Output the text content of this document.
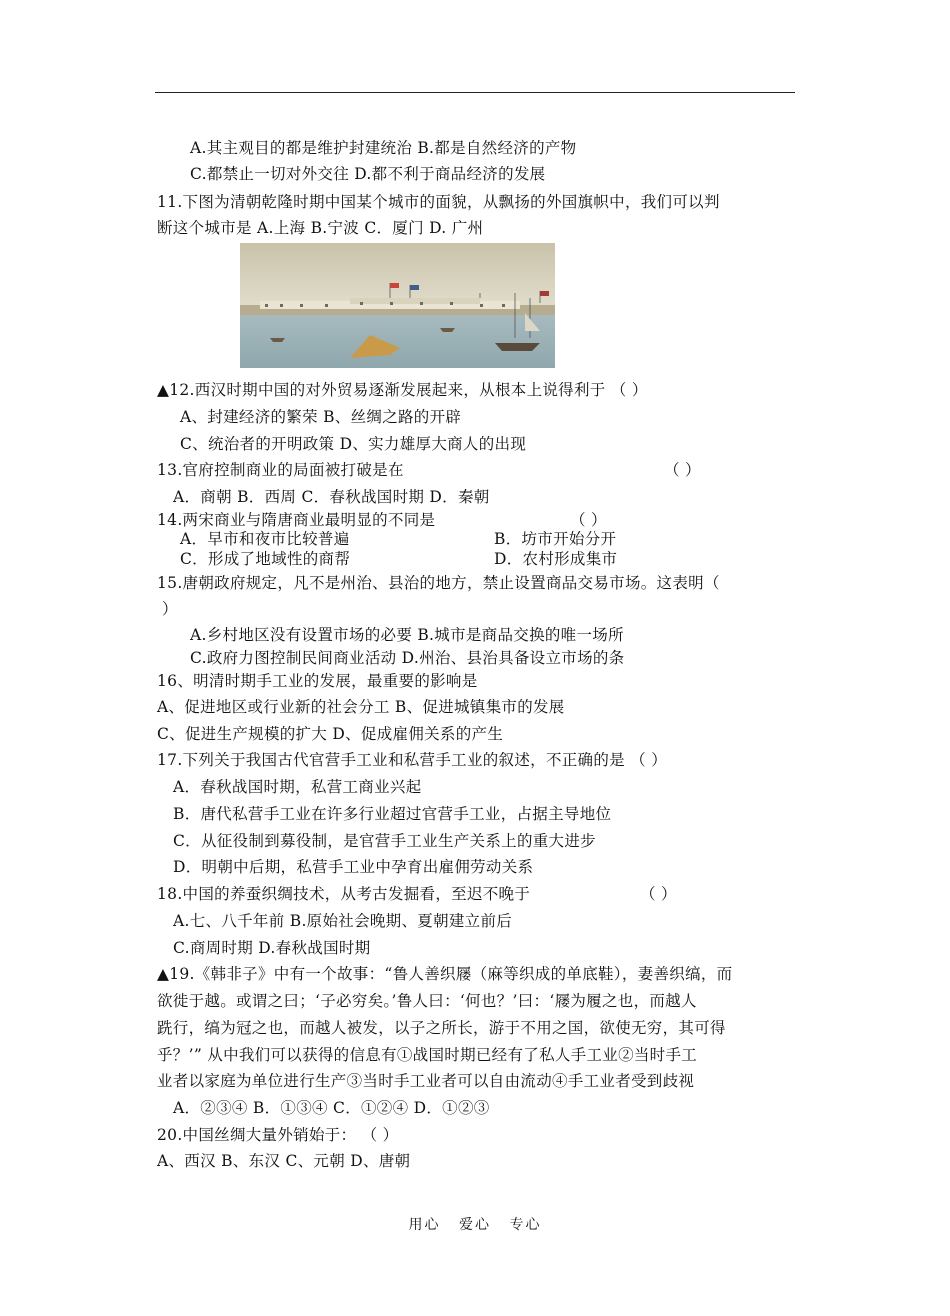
A.其主观目的都是维护封建统治 B.都是自然经济的产物
C.都禁止一切对外交往 D.都不利于商品经济的发展
11.下图为清朝乾隆时期中国某个城市的面貌，从飘扬的外国旗帜中，我们可以判
断这个城市是 A.上海 B.宁波 C．厦门 D. 广州
▲12.西汉时期中国的对外贸易逐渐发展起来，从根本上说得利于 （ ）
A、封建经济的繁荣 B、丝绸之路的开辟
C、统治者的开明政策 D、实力雄厚大商人的出现
13.官府控制商业的局面被打破是在	（ ）
A．商朝 B．西周 C．春秋战国时期 D．秦朝
14.两宋商业与隋唐商业最明显的不同是	（ ）
A．早市和夜市比较普遍	B．坊市开始分开
C．形成了地域性的商帮	D．农村形成集市
15.唐朝政府规定，凡不是州治、县治的地方，禁止设置商品交易市场。这表明（
）
A.乡村地区没有设置市场的必要 B.城市是商品交换的唯一场所
C.政府力图控制民间商业活动 D.州治、县治具备设立市场的条
16、明清时期手工业的发展，最重要的影响是
A、促进地区或行业新的社会分工 B、促进城镇集市的发展
C、促进生产规模的扩大 D、促成雇佣关系的产生
17.下列关于我国古代官营手工业和私营手工业的叙述，不正确的是 （ ）
A．春秋战国时期，私营工商业兴起
B．唐代私营手工业在许多行业超过官营手工业，占据主导地位
C．从征役制到募役制，是官营手工业生产关系上的重大进步
D．明朝中后期，私营手工业中孕育出雇佣劳动关系
18.中国的养蚕织绸技术，从考古发掘看，至迟不晚于	（ ）
A.七、八千年前 B.原始社会晚期、夏朝建立前后
C.商周时期 D.春秋战国时期
▲19.《韩非子》中有一个故事：“鲁人善织屦（麻等织成的单底鞋），妻善织缟，而
欲徙于越。或谓之曰；‘子必穷矣。’鲁人曰：‘何也？’曰：‘屦为履之也，而越人
跣行，缟为冠之也，而越人被发，以子之所长，游于不用之国，欲使无穷，其可得
乎？’” 从中我们可以获得的信息有①战国时期已经有了私人手工业②当时手工
业者以家庭为单位进行生产③当时手工业者可以自由流动④手工业者受到歧视
A．②③④ B．①③④ C．①②④ D．①②③
20.中国丝绸大量外销始于： （ ）
A、西汉 B、东汉 C、元朝 D、唐朝
用心 爱心 专心
